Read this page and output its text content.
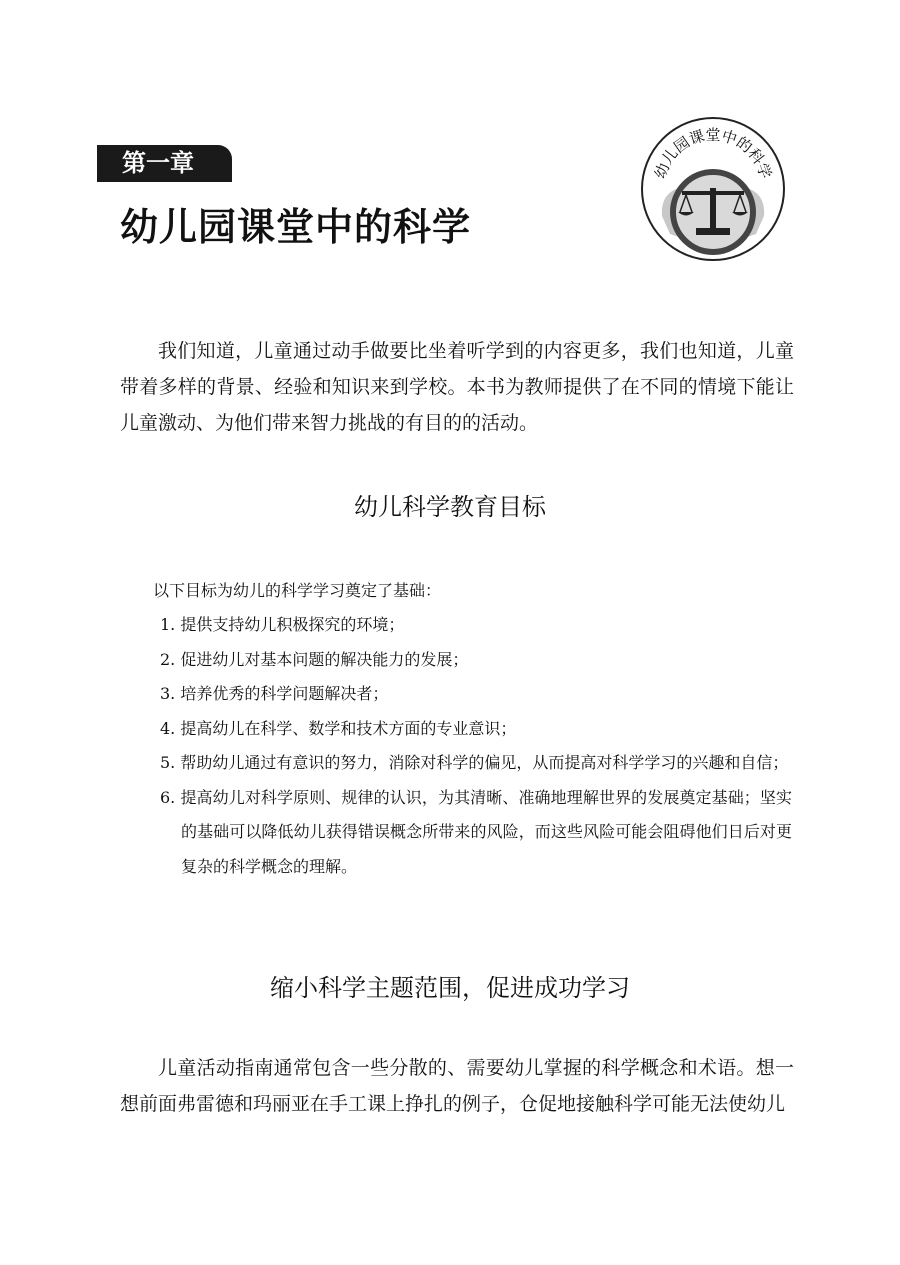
第一章
幼儿园课堂中的科学
幼儿园课堂中的科学

我们知道，儿童通过动手做要比坐着听学到的内容更多，我们也知道，儿童带着多样的背景、经验和知识来到学校。本书为教师提供了在不同的情境下能让儿童激动、为他们带来智力挑战的有目的的活动。

幼儿科学教育目标

以下目标为幼儿的科学学习奠定了基础：

1. 提供支持幼儿积极探究的环境；
2. 促进幼儿对基本问题的解决能力的发展；
3. 培养优秀的科学问题解决者；
4. 提高幼儿在科学、数学和技术方面的专业意识；
5. 帮助幼儿通过有意识的努力，消除对科学的偏见，从而提高对科学学习的兴趣和自信；
6. 提高幼儿对科学原则、规律的认识，为其清晰、准确地理解世界的发展奠定基础；坚实的基础可以降低幼儿获得错误概念所带来的风险，而这些风险可能会阻碍他们日后对更复杂的科学概念的理解。
缩小科学主题范围，促进成功学习

儿童活动指南通常包含一些分散的、需要幼儿掌握的科学概念和术语。想一想前面弗雷德和玛丽亚在手工课上挣扎的例子，仓促地接触科学可能无法使幼儿
